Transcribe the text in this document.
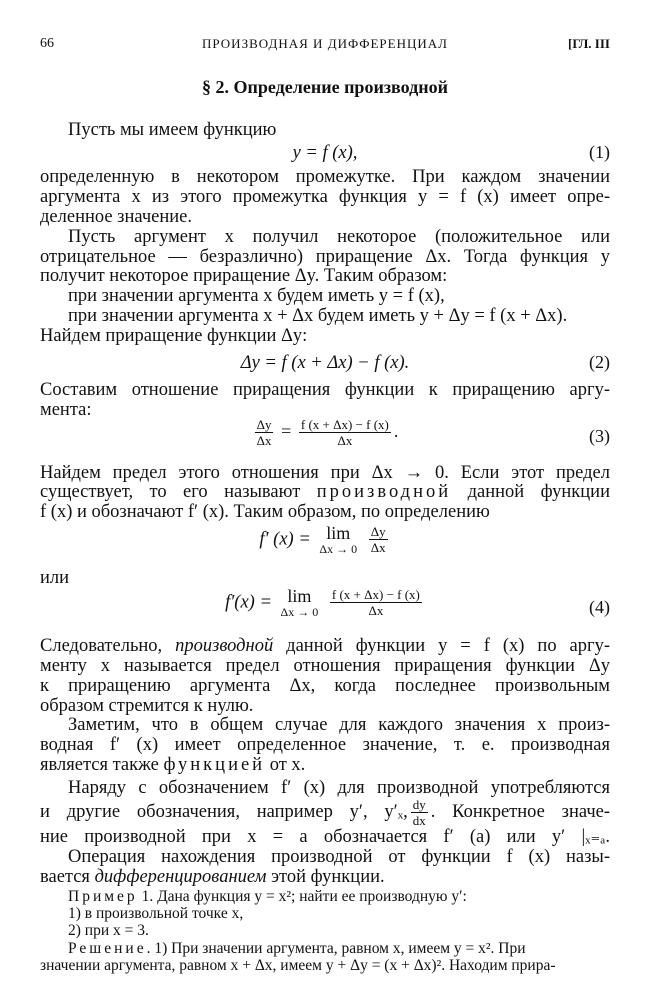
66	ПРОИЗВОДНАЯ И ДИФФЕРЕНЦИАЛ	[ГЛ. III
§ 2. Определение производной
Пусть мы имеем функцию
y = f (x),	(1)
определенную в некотором промежутке. При каждом значении
аргумента x из этого промежутка функция y = f (x) имеет опре-
деленное значение.
Пусть аргумент x получил некоторое (положительное или
отрицательное — безразлично) приращение Δx. Тогда функция y
получит некоторое приращение Δy. Таким образом:
при значении аргумента x будем иметь y = f (x),
при значении аргумента x + Δx будем иметь y + Δy = f (x + Δx).
Найдем приращение функции Δy:
Δy = f (x + Δx) − f (x).	(2)
Составим отношение приращения функции к приращению аргу-
мента:
$\frac{\Delta y}{\Delta x} = \frac{f (x + \Delta x) - f (x)}{\Delta x}$ .	(3)
Найдем предел этого отношения при Δx → 0. Если этот предел
существует, то его называют производной данной функции
f (x) и обозначают f′ (x). Таким образом, по определению
f′ (x) = lim
Δx → 0
$\frac{\Delta y}{\Delta x}$
или
f′(x) = lim
Δx → 0
$\frac{f (x + \Delta x) - f (x)}{\Delta x}$	(4)
Следовательно, производной данной функции y = f (x) по аргу-
менту x называется предел отношения приращения функции Δy
к приращению аргумента Δx, когда последнее произвольным
образом стремится к нулю.
Заметим, что в общем случае для каждого значения x произ-
водная f′ (x) имеет определенное значение, т. е. производная
является также функцией от x.
Наряду с обозначением f′ (x) для производной употребляются
и другие обозначения, например y′, y′ₓ, $\frac{dy}{dx}$ . Конкретное значе-
ние производной при x = a обозначается f′ (a) или y′ |ₓ₌ₐ.
Операция нахождения производной от функции f (x) назы-
вается дифференцированием этой функции.
Пример 1. Дана функция y = x²; найти ее производную y′:
1) в произвольной точке x,
2) при x = 3.
Решение. 1) При значении аргумента, равном x, имеем y = x². При
значении аргумента, равном x + Δx, имеем y + Δy = (x + Δx)². Находим прира-
